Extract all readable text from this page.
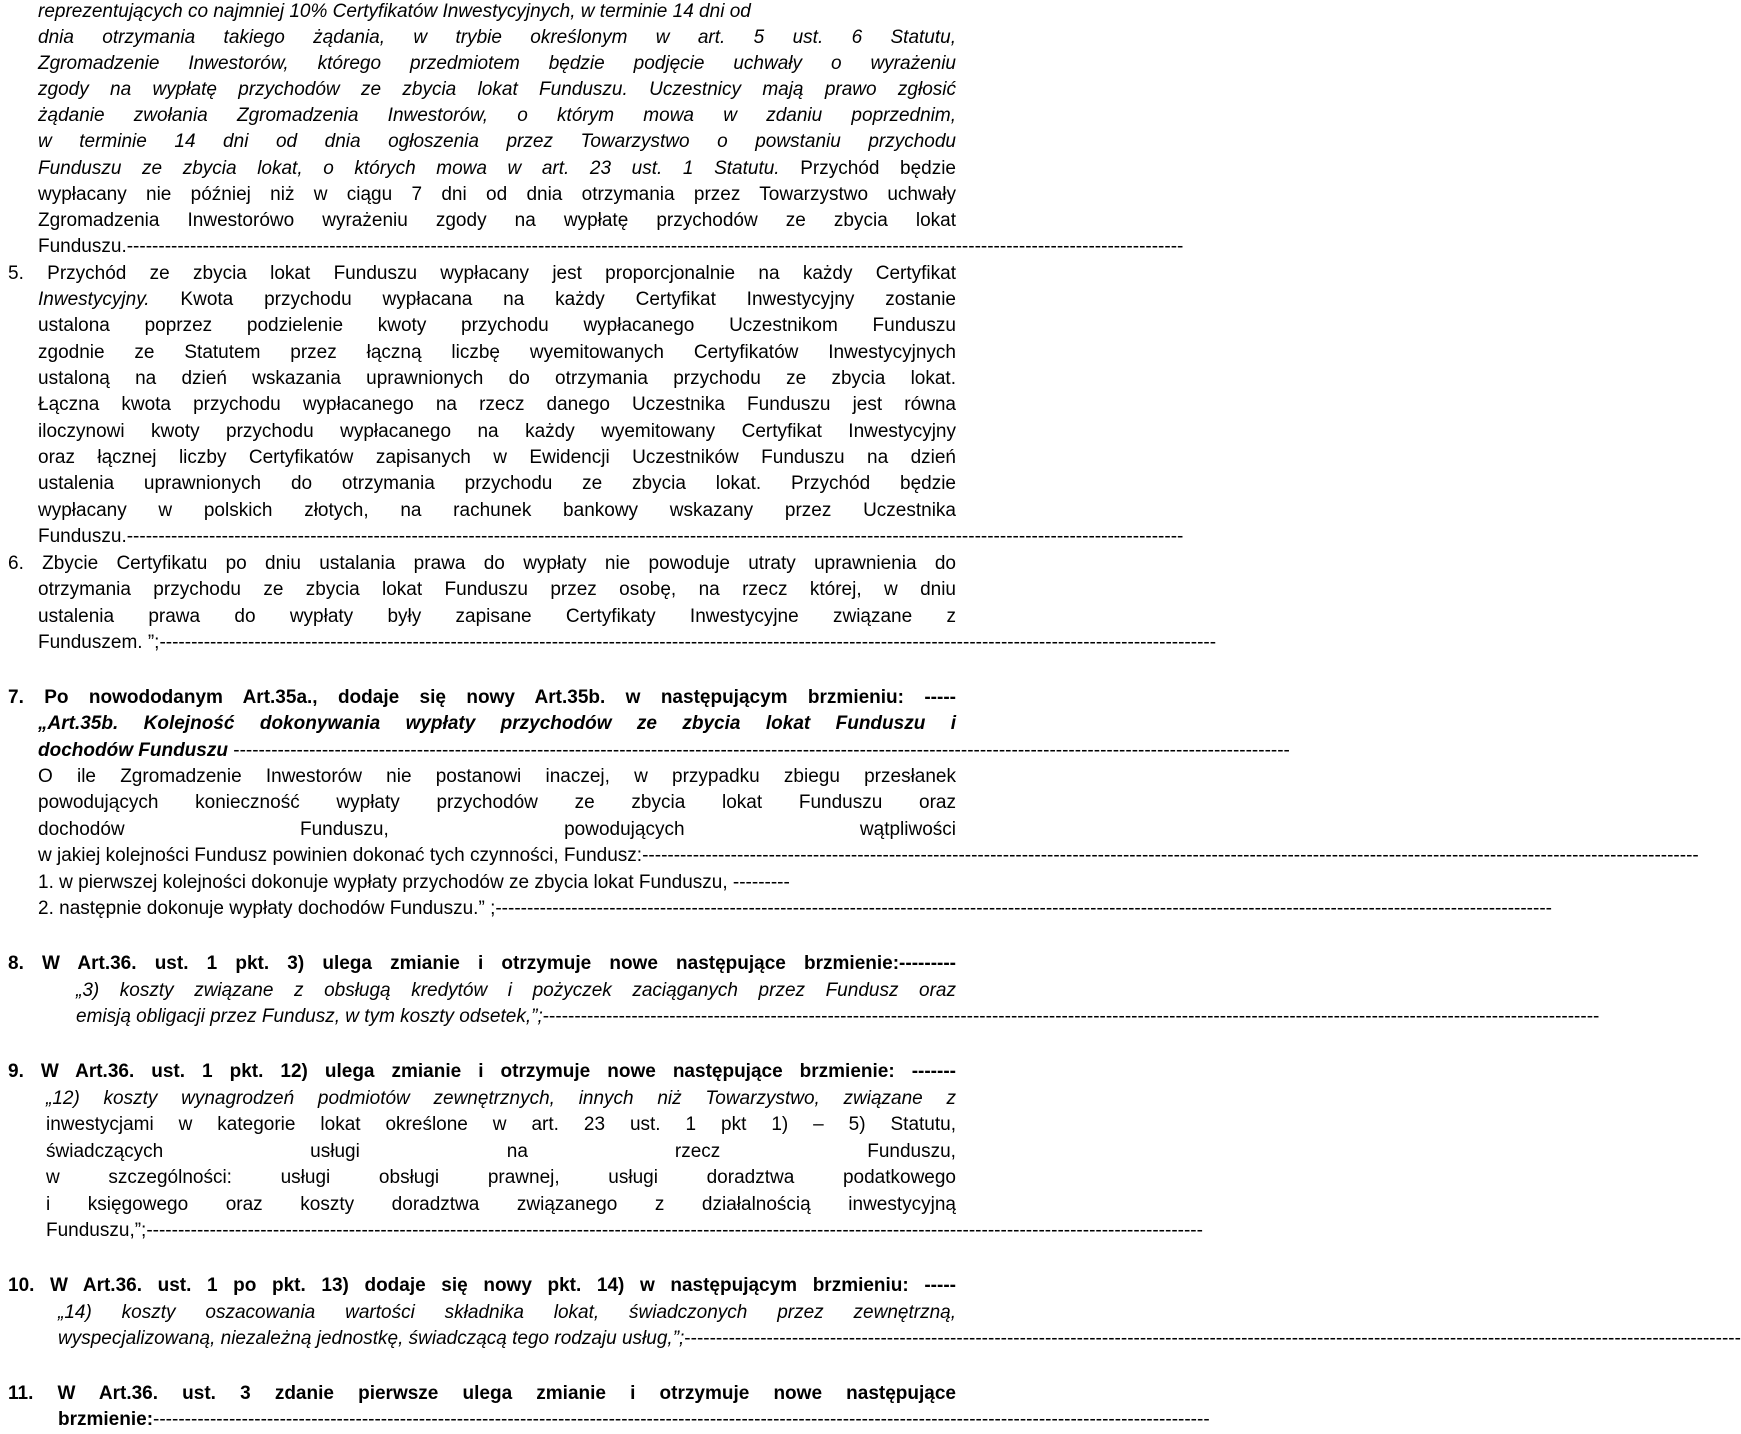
reprezentujących co najmniej 10% Certyfikatów Inwestycyjnych, w terminie 14 dni od
dnia otrzymania takiego żądania, w trybie określonym w art. 5 ust. 6 Statutu,
Zgromadzenie Inwestorów, którego przedmiotem będzie podjęcie uchwały o wyrażeniu
zgody na wypłatę przychodów ze zbycia lokat Funduszu. Uczestnicy mają prawo zgłosić
żądanie zwołania Zgromadzenia Inwestorów, o którym mowa w zdaniu poprzednim,
w terminie 14 dni od dnia ogłoszenia przez Towarzystwo o powstaniu przychodu
Funduszu ze zbycia lokat, o których mowa w art. 23 ust. 1 Statutu. Przychód będzie
wypłacany nie później niż w ciągu 7 dni od dnia otrzymania przez Towarzystwo uchwały
Zgromadzenia Inwestorówo wyrażeniu zgody na wypłatę przychodów ze zbycia lokat
Funduszu. -----------------------------------------------------------------------------------------------------------------------------------------------------------------------
5. Przychód ze zbycia lokat Funduszu wypłacany jest proporcjonalnie na każdy Certyfikat
Inwestycyjny. Kwota przychodu wypłacana na każdy Certyfikat Inwestycyjny zostanie
ustalona poprzez podzielenie kwoty przychodu wypłacanego Uczestnikom Funduszu
zgodnie ze Statutem przez łączną liczbę wyemitowanych Certyfikatów Inwestycyjnych
ustaloną na dzień wskazania uprawnionych do otrzymania przychodu ze zbycia lokat.
Łączna kwota przychodu wypłacanego na rzecz danego Uczestnika Funduszu jest równa
iloczynowi kwoty przychodu wypłacanego na każdy wyemitowany Certyfikat Inwestycyjny
oraz łącznej liczby Certyfikatów zapisanych w Ewidencji Uczestników Funduszu na dzień
ustalenia uprawnionych do otrzymania przychodu ze zbycia lokat. Przychód będzie
wypłacany w polskich złotych, na rachunek bankowy wskazany przez Uczestnika
Funduszu. -----------------------------------------------------------------------------------------------------------------------------------------------------------------------
6. Zbycie Certyfikatu po dniu ustalania prawa do wypłaty nie powoduje utraty uprawnienia do
otrzymania przychodu ze zbycia lokat Funduszu przez osobę, na rzecz której, w dniu
ustalenia prawa do wypłaty były zapisane Certyfikaty Inwestycyjne związane z
Funduszem.
”; -----------------------------------------------------------------------------------------------------------------------------------------------------------------------
7. Po nowododanym Art.35a., dodaje się nowy Art.35b. w następującym brzmieniu: -----
„Art.35b. Kolejność dokonywania wypłaty przychodów ze zbycia lokat Funduszu i
dochodów Funduszu
-----------------------------------------------------------------------------------------------------------------------------------------------------------------------
O ile Zgromadzenie Inwestorów nie postanowi inaczej, w przypadku zbiegu przesłanek
powodujących konieczność wypłaty przychodów ze zbycia lokat Funduszu oraz
dochodów	Funduszu,	powodujących	wątpliwości
w jakiej kolejności Fundusz powinien dokonać tych czynności, Fundusz: -----------------------------------------------------------------------------------------------------------------------------------------------------------------------
1. w pierwszej kolejności dokonuje wypłaty przychodów ze zbycia lokat Funduszu, ---------
2. następnie dokonuje wypłaty dochodów Funduszu.” ; -----------------------------------------------------------------------------------------------------------------------------------------------------------------------
8. W Art.36. ust. 1 pkt. 3) ulega zmianie i otrzymuje nowe następujące brzmienie:---------
„3) koszty związane z obsługą kredytów i pożyczek zaciąganych przez Fundusz oraz
emisją obligacji przez Fundusz, w tym koszty odsetek,”; -----------------------------------------------------------------------------------------------------------------------------------------------------------------------
9. W Art.36. ust. 1 pkt. 12) ulega zmianie i otrzymuje nowe następujące brzmienie: -------
„12) koszty wynagrodzeń podmiotów zewnętrznych, innych niż Towarzystwo, związane z
inwestycjami w kategorie lokat określone w art. 23 ust. 1 pkt 1) – 5) Statutu,
świadczących	usługi	na	rzecz	Funduszu,
w szczególności: usługi obsługi prawnej, usługi doradztwa podatkowego
i księgowego oraz koszty doradztwa związanego z działalnością inwestycyjną
Funduszu,”; -----------------------------------------------------------------------------------------------------------------------------------------------------------------------
10. W Art.36. ust. 1 po pkt. 13) dodaje się nowy pkt. 14) w następującym brzmieniu: -----
„14) koszty oszacowania wartości składnika lokat, świadczonych przez zewnętrzną,
wyspecjalizowaną, niezależną jednostkę, świadczącą tego rodzaju usług,”; -----------------------------------------------------------------------------------------------------------------------------------------------------------------------
11. W Art.36. ust. 3 zdanie pierwsze ulega zmianie i otrzymuje nowe następujące
brzmienie: -----------------------------------------------------------------------------------------------------------------------------------------------------------------------
